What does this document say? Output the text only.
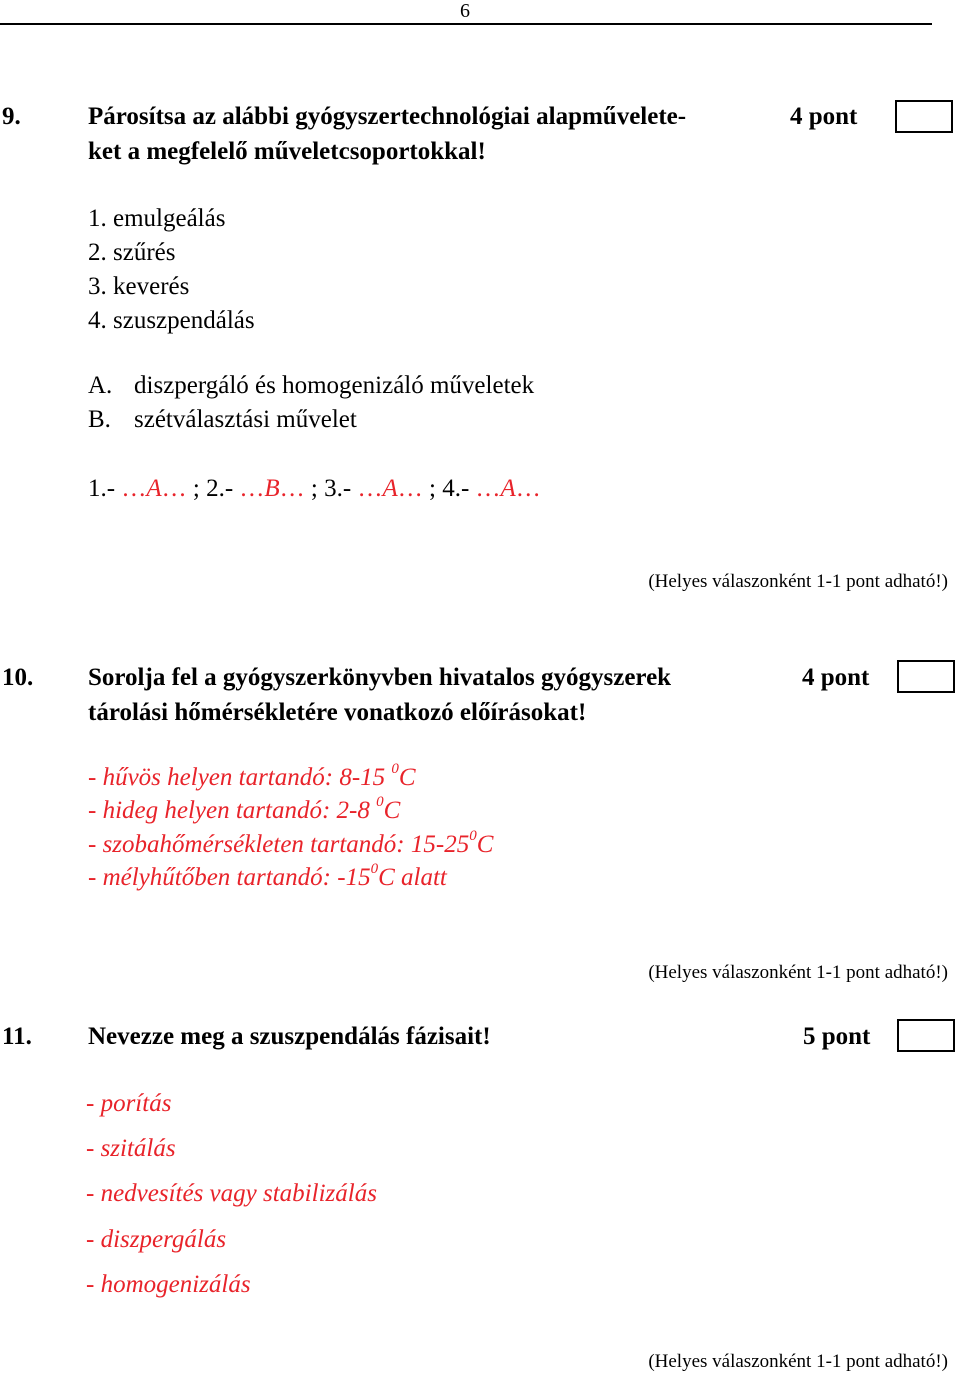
6
9.	Párosítsa az alábbi gyógyszertechnológiai alapművelete-
ket a megfelelő műveletcsoportokkal!
4 pont
1. emulgeálás
2. szűrés
3. keverés
4. szuszpendálás
A. diszpergáló és homogenizáló műveletek
B. szétválasztási művelet
1.- …A… ; 2.- …B… ; 3.- …A… ; 4.- …A…
(Helyes válaszonként 1-1 pont adható!)
10. Sorolja fel a gyógyszerkönyvben hivatalos gyógyszerek
tárolási hőmérsékletére vonatkozó előírásokat!
4 pont
- hűvös helyen tartandó: 8-15 $^0$C
- hideg helyen tartandó: 2-8 $^0$C
- szobahőmérsékleten tartandó: $15-25^0C$
- mélyhűtőben tartandó: $-15^0C$ alatt
(Helyes válaszonként 1-1 pont adható!)
11. Nevezze meg a szuszpendálás fázisait!	5 pont
- porítás
- szitálás
- nedvesítés vagy stabilizálás
- diszpergálás
- homogenizálás
(Helyes válaszonként 1-1 pont adható!)
